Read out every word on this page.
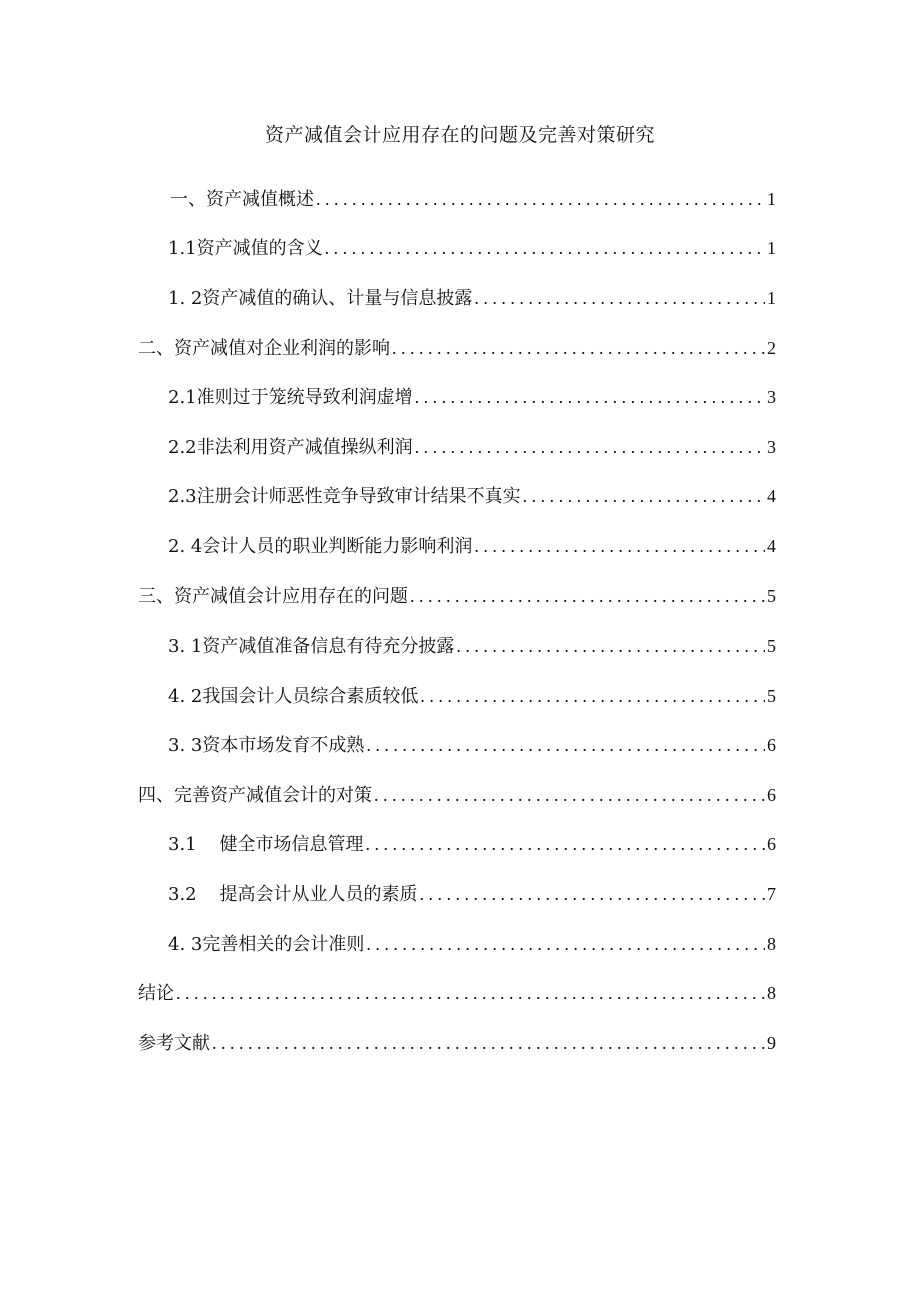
资产减值会计应用存在的问题及完善对策研究
一、资产减值概述 . . .	1
1.1资产减值的含义 . . .	1
1. 2资产减值的确认、计量与信息披露 . . .	1
二、资产减值对企业利润的影响 . . .	2
2.1准则过于笼统导致利润虚增 . . .	3
2.2非法利用资产减值操纵利润 . . .	3
2.3注册会计师恶性竞争导致审计结果不真实 . . .	4
2. 4会计人员的职业判断能力影响利润 . . .	4
三、资产减值会计应用存在的问题 . . .	5
3. 1资产减值准备信息有待充分披露 . . .	5
4. 2我国会计人员综合素质较低 . . .	5
3. 3资本市场发育不成熟 . . .	6
四、完善资产减值会计的对策 . . .	6
3.1    健全市场信息管理 . . .	6
3.2    提高会计从业人员的素质 . . .	7
4. 3完善相关的会计准则 . . .	8
结论 . . .	8
参考文献 . . .	9
